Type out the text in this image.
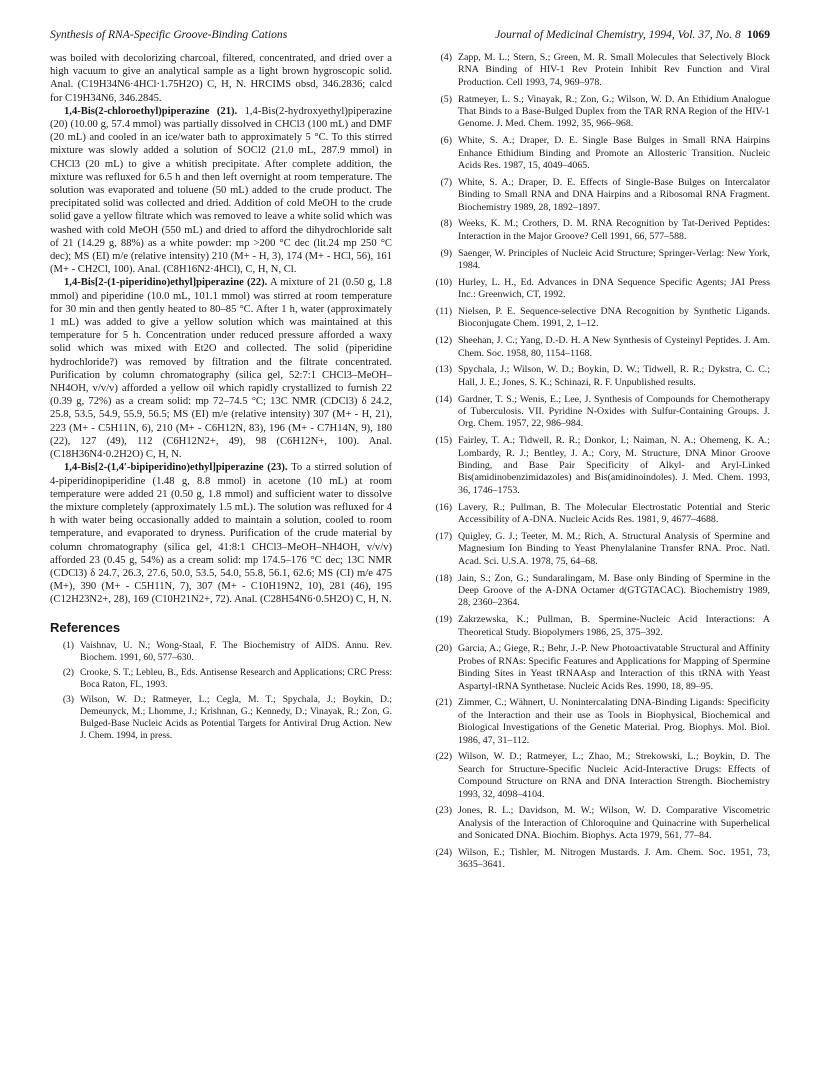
Synthesis of RNA-Specific Groove-Binding Cations	Journal of Medicinal Chemistry, 1994, Vol. 37, No. 8 1069

was boiled with decolorizing charcoal, filtered, concentrated, and dried over a high vacuum to give an analytical sample as a light brown hygroscopic solid. Anal. (C19H34N6·4HCl·1.75H2O) C, H, N. HRCIMS obsd, 346.2836; calcd for C19H34N6, 346.2845.

1,4-Bis(2-chloroethyl)piperazine (21). 1,4-Bis(2-hydroxyethyl)piperazine (20) (10.00 g, 57.4 mmol) was partially dissolved in CHCl3 (100 mL) and DMF (20 mL) and cooled in an ice/water bath to approximately 5 °C. To this stirred mixture was slowly added a solution of SOCl2 (21.0 mL, 287.9 mmol) in CHCl3 (20 mL) to give a whitish precipitate. After complete addition, the mixture was refluxed for 6.5 h and then left overnight at room temperature. The solution was evaporated and toluene (50 mL) added to the crude product. The precipitated solid was collected and dried. Addition of cold MeOH to the crude solid gave a yellow filtrate which was removed to leave a white solid which was washed with cold MeOH (550 mL) and dried to afford the dihydrochloride salt of 21 (14.29 g, 88%) as a white powder: mp >200 °C dec (lit.24 mp 250 °C dec); MS (EI) m/e (relative intensity) 210 (M+ - H, 3), 174 (M+ - HCl, 56), 161 (M+ - CH2Cl, 100). Anal. (C8H16N2·4HCl), C, H, N, Cl.

1,4-Bis[2-(1-piperidino)ethyl]piperazine (22). A mixture of 21 (0.50 g, 1.8 mmol) and piperidine (10.0 mL, 101.1 mmol) was stirred at room temperature for 30 min and then gently heated to 80–85 °C. After 1 h, water (approximately 1 mL) was added to give a yellow solution which was maintained at this temperature for 5 h. Concentration under reduced pressure afforded a waxy solid which was mixed with Et2O and collected. The solid (piperidine hydrochloride?) was removed by filtration and the filtrate concentrated. Purification by column chromatography (silica gel, 52:7:1 CHCl3–MeOH–NH4OH, v/v/v) afforded a yellow oil which rapidly crystallized to furnish 22 (0.39 g, 72%) as a cream solid: mp 72–74.5 °C; 13C NMR (CDCl3) δ 24.2, 25.8, 53.5, 54.9, 55.9, 56.5; MS (EI) m/e (relative intensity) 307 (M+ - H, 21), 223 (M+ - C5H11N, 6), 210 (M+ - C6H12N, 83), 196 (M+ - C7H14N, 9), 180 (22), 127 (49), 112 (C6H12N2+, 49), 98 (C6H12N+, 100). Anal. (C18H36N4·0.2H2O) C, H, N.

1,4-Bis[2-(1,4′-bipiperidino)ethyl]piperazine (23). To a stirred solution of 4-piperidinopiperidine (1.48 g, 8.8 mmol) in acetone (10 mL) at room temperature were added 21 (0.50 g, 1.8 mmol) and sufficient water to dissolve the mixture completely (approximately 1.5 mL). The solution was refluxed for 4 h with water being occasionally added to maintain a solution, cooled to room temperature, and evaporated to dryness. Purification of the crude material by column chromatography (silica gel, 41:8:1 CHCl3–MeOH–NH4OH, v/v/v) afforded 23 (0.45 g, 54%) as a cream solid: mp 174.5–176 °C dec; 13C NMR (CDCl3) δ 24.7, 26.3, 27.6, 50.0, 53.5, 54.0, 55.8, 56.1, 62.6; MS (CI) m/e 475 (M+), 390 (M+ - C5H11N, 7), 307 (M+ - C10H19N2, 10), 281 (46), 195 (C12H23N2+, 28), 169 (C10H21N2+, 72). Anal. (C28H54N6·0.5H2O) C, H, N.

References
(1) Vaishnav, U. N.; Wong-Staal, F. The Biochemistry of AIDS. Annu. Rev. Biochem. 1991, 60, 577–630.
(2) Crooke, S. T.; Lebleu, B., Eds. Antisense Research and Applications; CRC Press: Boca Raton, FL, 1993.
(3) Wilson, W. D.; Ratmeyer, L.; Cegla, M. T.; Spychala, J.; Boykin, D.; Demeunyck, M.; Lhomme, J.; Krishnan, G.; Kennedy, D.; Vinayak, R.; Zon, G. Bulged-Base Nucleic Acids as Potential Targets for Antiviral Drug Action. New J. Chem. 1994, in press.
(4) Zapp, M. L.; Stern, S.; Green, M. R. Small Molecules that Selectively Block RNA Binding of HIV-1 Rev Protein Inhibit Rev Function and Viral Production. Cell 1993, 74, 969–978.
(5) Ratmeyer, L. S.; Vinayak, R.; Zon, G.; Wilson, W. D. An Ethidium Analogue That Binds to a Base-Bulged Duplex from the TAR RNA Region of the HIV-1 Genome. J. Med. Chem. 1992, 35, 966–968.
(6) White, S. A.; Draper, D. E. Single Base Bulges in Small RNA Hairpins Enhance Ethidium Binding and Promote an Allosteric Transition. Nucleic Acids Res. 1987, 15, 4049–4065.
(7) White, S. A.; Draper, D. E. Effects of Single-Base Bulges on Intercalator Binding to Small RNA and DNA Hairpins and a Ribosomal RNA Fragment. Biochemistry 1989, 28, 1892–1897.
(8) Weeks, K. M.; Crothers, D. M. RNA Recognition by Tat-Derived Peptides: Interaction in the Major Groove? Cell 1991, 66, 577–588.
(9) Saenger, W. Principles of Nucleic Acid Structure; Springer-Verlag: New York, 1984.
(10) Hurley, L. H., Ed. Advances in DNA Sequence Specific Agents; JAI Press Inc.: Greenwich, CT, 1992.
(11) Nielsen, P. E. Sequence-selective DNA Recognition by Synthetic Ligands. Bioconjugate Chem. 1991, 2, 1–12.
(12) Sheehan, J. C.; Yang, D.-D. H. A New Synthesis of Cysteinyl Peptides. J. Am. Chem. Soc. 1958, 80, 1154–1168.
(13) Spychala, J.; Wilson, W. D.; Boykin, D. W.; Tidwell, R. R.; Dykstra, C. C.; Hall, J. E.; Jones, S. K.; Schinazi, R. F. Unpublished results.
(14) Gardner, T. S.; Wenis, E.; Lee, J. Synthesis of Compounds for Chemotherapy of Tuberculosis. VII. Pyridine N-Oxides with Sulfur-Containing Groups. J. Org. Chem. 1957, 22, 986–984.
(15) Fairley, T. A.; Tidwell, R. R.; Donkor, I.; Naiman, N. A.; Ohemeng, K. A.; Lombardy, R. J.; Bentley, J. A.; Cory, M. Structure, DNA Minor Groove Binding, and Base Pair Specificity of Alkyl- and Aryl-Linked Bis(amidinobenzimidazoles) and Bis(amidinoindoles). J. Med. Chem. 1993, 36, 1746–1753.
(16) Lavery, R.; Pullman, B. The Molecular Electrostatic Potential and Steric Accessibility of A-DNA. Nucleic Acids Res. 1981, 9, 4677–4688.
(17) Quigley, G. J.; Teeter, M. M.; Rich, A. Structural Analysis of Spermine and Magnesium Ion Binding to Yeast Phenylalanine Transfer RNA. Proc. Natl. Acad. Sci. U.S.A. 1978, 75, 64–68.
(18) Jain, S.; Zon, G.; Sundaralingam, M. Base only Binding of Spermine in the Deep Groove of the A-DNA Octamer d(GTGTACAC). Biochemistry 1989, 28, 2360–2364.
(19) Zakrzewska, K.; Pullman, B. Spermine-Nucleic Acid Interactions: A Theoretical Study. Biopolymers 1986, 25, 375–392.
(20) Garcia, A.; Giege, R.; Behr, J.-P. New Photoactivatable Structural and Affinity Probes of RNAs: Specific Features and Applications for Mapping of Spermine Binding Sites in Yeast tRNAAsp and Interaction of this tRNA with Yeast Aspartyl-tRNA Synthetase. Nucleic Acids Res. 1990, 18, 89–95.
(21) Zimmer, C.; Wähnert, U. Nonintercalating DNA-Binding Ligands: Specificity of the Interaction and their use as Tools in Biophysical, Biochemical and Biological Investigations of the Genetic Material. Prog. Biophys. Mol. Biol. 1986, 47, 31–112.
(22) Wilson, W. D.; Ratmeyer, L.; Zhao, M.; Strekowski, L.; Boykin, D. The Search for Structure-Specific Nucleic Acid-Interactive Drugs: Effects of Compound Structure on RNA and DNA Interaction Strength. Biochemistry 1993, 32, 4098–4104.
(23) Jones, R. L.; Davidson, M. W.; Wilson, W. D. Comparative Viscometric Analysis of the Interaction of Chloroquine and Quinacrine with Superhelical and Sonicated DNA. Biochim. Biophys. Acta 1979, 561, 77–84.
(24) Wilson, E.; Tishler, M. Nitrogen Mustards. J. Am. Chem. Soc. 1951, 73, 3635–3641.
